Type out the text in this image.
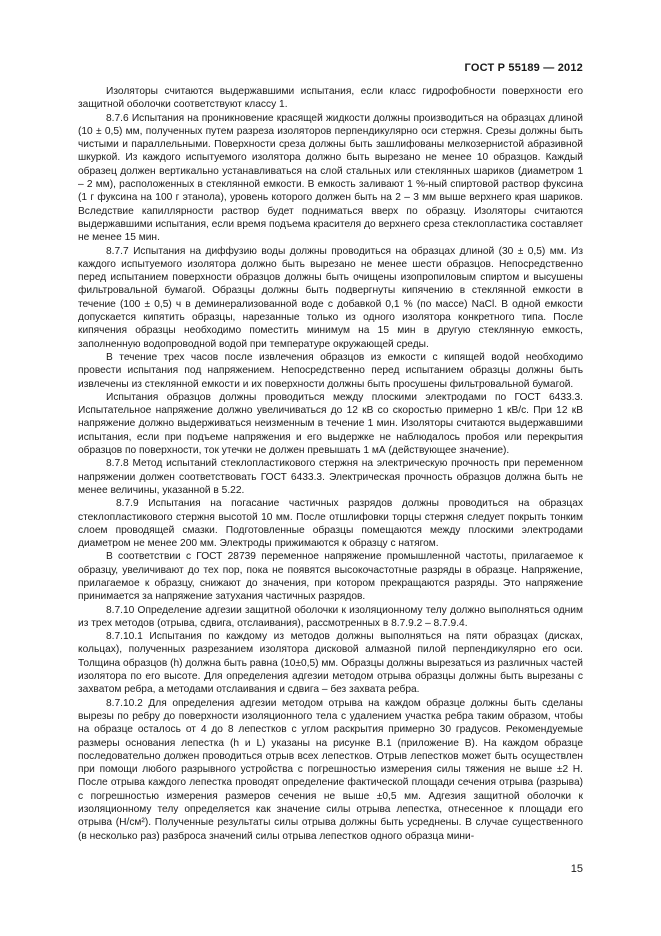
ГОСТ Р 55189 — 2012

Изоляторы считаются выдержавшими испытания, если класс гидрофобности поверхности его защитной оболочки соответствуют классу 1.

8.7.6 Испытания на проникновение красящей жидкости должны производиться на образцах длиной (10 ± 0,5) мм, полученных путем разреза изоляторов перпендикулярно оси стержня. Срезы должны быть чистыми и параллельными. Поверхности среза должны быть зашлифованы мелкозернистой абразивной шкуркой. Из каждого испытуемого изолятора должно быть вырезано не менее 10 образцов. Каждый образец должен вертикально устанавливаться на слой стальных или стеклянных шариков (диаметром 1 – 2 мм), расположенных в стеклянной емкости. В емкость заливают 1 %-ный спиртовой раствор фуксина (1 г фуксина на 100 г этанола), уровень которого должен быть на 2 – 3 мм выше верхнего края шариков. Вследствие капиллярности раствор будет подниматься вверх по образцу. Изоляторы считаются выдержавшими испытания, если время подъема красителя до верхнего среза стеклопластика составляет не менее 15 мин.

8.7.7 Испытания на диффузию воды должны проводиться на образцах длиной (30 ± 0,5) мм. Из каждого испытуемого изолятора должно быть вырезано не менее шести образцов. Непосредственно перед испытанием поверхности образцов должны быть очищены изопропиловым спиртом и высушены фильтровальной бумагой. Образцы должны быть подвергнуты кипячению в стеклянной емкости в течение (100 ± 0,5) ч в деминерализованной воде с добавкой 0,1 % (по массе) NaCl. В одной емкости допускается кипятить образцы, нарезанные только из одного изолятора конкретного типа. После кипячения образцы необходимо поместить минимум на 15 мин в другую стеклянную емкость, заполненную водопроводной водой при температуре окружающей среды.

В течение трех часов после извлечения образцов из емкости с кипящей водой необходимо провести испытания под напряжением. Непосредственно перед испытанием образцы должны быть извлечены из стеклянной емкости и их поверхности должны быть просушены фильтровальной бумагой.

Испытания образцов должны проводиться между плоскими электродами по ГОСТ 6433.3. Испытательное напряжение должно увеличиваться до 12 кВ со скоростью примерно 1 кВ/с. При 12 кВ напряжение должно выдерживаться неизменным в течение 1 мин. Изоляторы считаются выдержавшими испытания, если при подъеме напряжения и его выдержке не наблюдалось пробоя или перекрытия образцов по поверхности, ток утечки не должен превышать 1 мА (действующее значение).

8.7.8 Метод испытаний стеклопластикового стержня на электрическую прочность при переменном напряжении должен соответствовать ГОСТ 6433.3. Электрическая прочность образцов должна быть не менее величины, указанной в 5.22.

8.7.9 Испытания на погасание частичных разрядов должны проводиться на образцах стеклопластикового стержня высотой 10 мм. После отшлифовки торцы стержня следует покрыть тонким слоем проводящей смазки. Подготовленные образцы помещаются между плоскими электродами диаметром не менее 200 мм. Электроды прижимаются к образцу с натягом.

В соответствии с ГОСТ 28739 переменное напряжение промышленной частоты, прилагаемое к образцу, увеличивают до тех пор, пока не появятся высокочастотные разряды в образце. Напряжение, прилагаемое к образцу, снижают до значения, при котором прекращаются разряды. Это напряжение принимается за напряжение затухания частичных разрядов.

8.7.10 Определение адгезии защитной оболочки к изоляционному телу должно выполняться одним из трех методов (отрыва, сдвига, отслаивания), рассмотренных в 8.7.9.2 – 8.7.9.4.

8.7.10.1 Испытания по каждому из методов должны выполняться на пяти образцах (дисках, кольцах), полученных разрезанием изолятора дисковой алмазной пилой перпендикулярно его оси. Толщина образцов (h) должна быть равна (10±0,5) мм. Образцы должны вырезаться из различных частей изолятора по его высоте. Для определения адгезии методом отрыва образцы должны быть вырезаны с захватом ребра, а методами отслаивания и сдвига – без захвата ребра.

8.7.10.2 Для определения адгезии методом отрыва на каждом образце должны быть сделаны вырезы по ребру до поверхности изоляционного тела с удалением участка ребра таким образом, чтобы на образце осталось от 4 до 8 лепестков с углом раскрытия примерно 30 градусов. Рекомендуемые размеры основания лепестка (h и L) указаны на рисунке В.1 (приложение В). На каждом образце последовательно должен проводиться отрыв всех лепестков. Отрыв лепестков может быть осуществлен при помощи любого разрывного устройства с погрешностью измерения силы тяжения не выше ±2 Н. После отрыва каждого лепестка проводят определение фактической площади сечения отрыва (разрыва) с погрешностью измерения размеров сечения не выше ±0,5 мм. Адгезия защитной оболочки к изоляционному телу определяется как значение силы отрыва лепестка, отнесенное к площади его отрыва (Н/см²). Полученные результаты силы отрыва должны быть усреднены. В случае существенного (в несколько раз) разброса значений силы отрыва лепестков одного образца мини-

15
